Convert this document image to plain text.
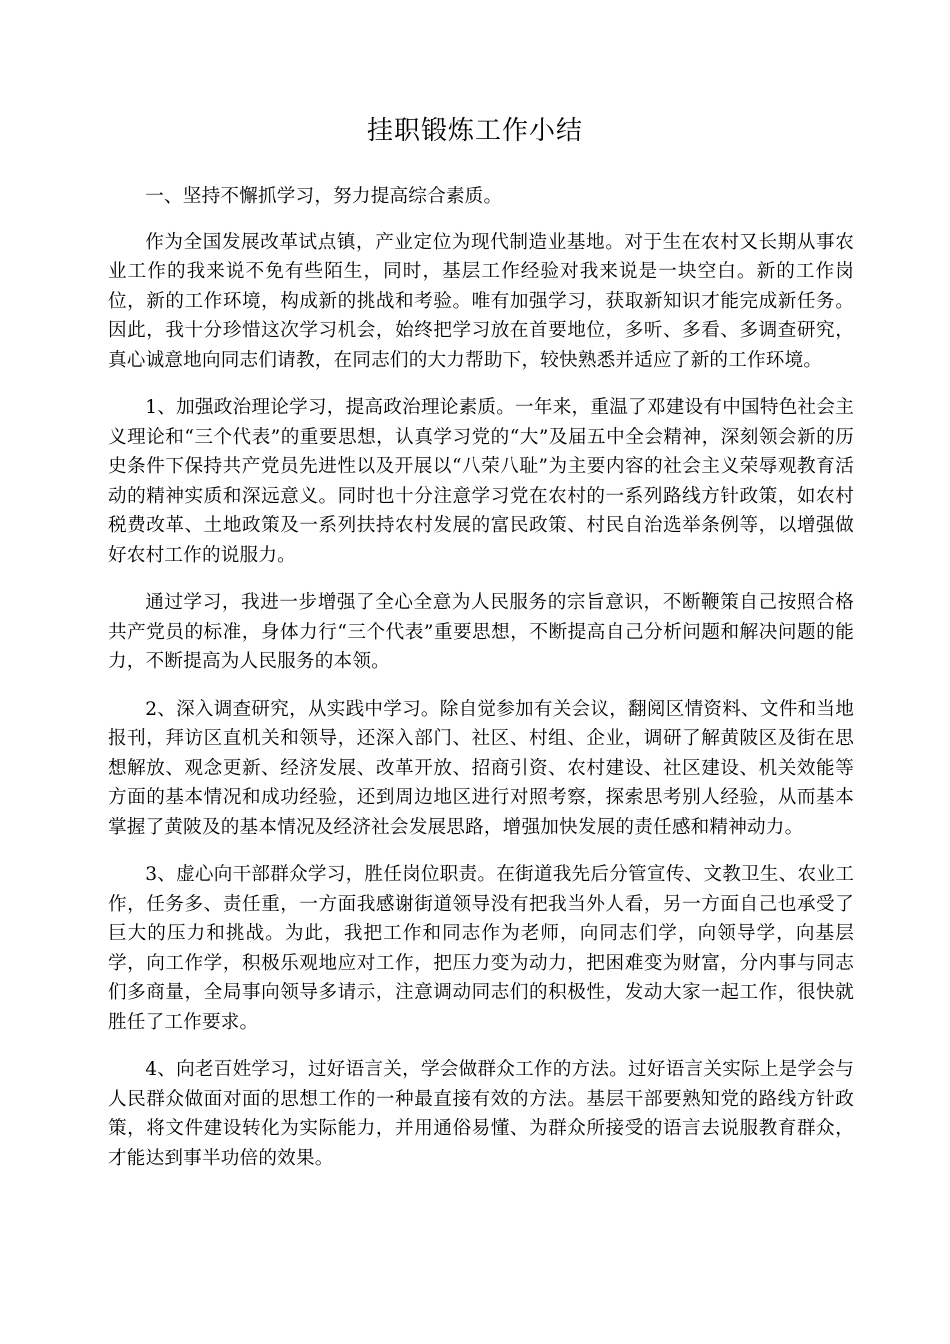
挂职锻炼工作小结

一、坚持不懈抓学习，努力提高综合素质。

作为全国发展改革试点镇，产业定位为现代制造业基地。对于生在农村又长期从事农业工作的我来说不免有些陌生，同时，基层工作经验对我来说是一块空白。新的工作岗位，新的工作环境，构成新的挑战和考验。唯有加强学习，获取新知识才能完成新任务。因此，我十分珍惜这次学习机会，始终把学习放在首要地位，多听、多看、多调查研究，真心诚意地向同志们请教，在同志们的大力帮助下，较快熟悉并适应了新的工作环境。

1、加强政治理论学习，提高政治理论素质。一年来，重温了邓建设有中国特色社会主义理论和“三个代表”的重要思想，认真学习党的“大”及届五中全会精神，深刻领会新的历史条件下保持共产党员先进性以及开展以“八荣八耻”为主要内容的社会主义荣辱观教育活动的精神实质和深远意义。同时也十分注意学习党在农村的一系列路线方针政策，如农村税费改革、土地政策及一系列扶持农村发展的富民政策、村民自治选举条例等，以增强做好农村工作的说服力。

通过学习，我进一步增强了全心全意为人民服务的宗旨意识，不断鞭策自己按照合格共产党员的标准，身体力行“三个代表”重要思想，不断提高自己分析问题和解决问题的能力，不断提高为人民服务的本领。

2、深入调查研究，从实践中学习。除自觉参加有关会议，翻阅区情资料、文件和当地报刊，拜访区直机关和领导，还深入部门、社区、村组、企业，调研了解黄陂区及街在思想解放、观念更新、经济发展、改革开放、招商引资、农村建设、社区建设、机关效能等方面的基本情况和成功经验，还到周边地区进行对照考察，探索思考别人经验，从而基本掌握了黄陂及的基本情况及经济社会发展思路，增强加快发展的责任感和精神动力。

3、虚心向干部群众学习，胜任岗位职责。在街道我先后分管宣传、文教卫生、农业工作，任务多、责任重，一方面我感谢街道领导没有把我当外人看，另一方面自己也承受了巨大的压力和挑战。为此，我把工作和同志作为老师，向同志们学，向领导学，向基层学，向工作学，积极乐观地应对工作，把压力变为动力，把困难变为财富，分内事与同志们多商量，全局事向领导多请示，注意调动同志们的积极性，发动大家一起工作，很快就胜任了工作要求。

4、向老百姓学习，过好语言关，学会做群众工作的方法。过好语言关实际上是学会与人民群众做面对面的思想工作的一种最直接有效的方法。基层干部要熟知党的路线方针政策，将文件建设转化为实际能力，并用通俗易懂、为群众所接受的语言去说服教育群众，才能达到事半功倍的效果。
